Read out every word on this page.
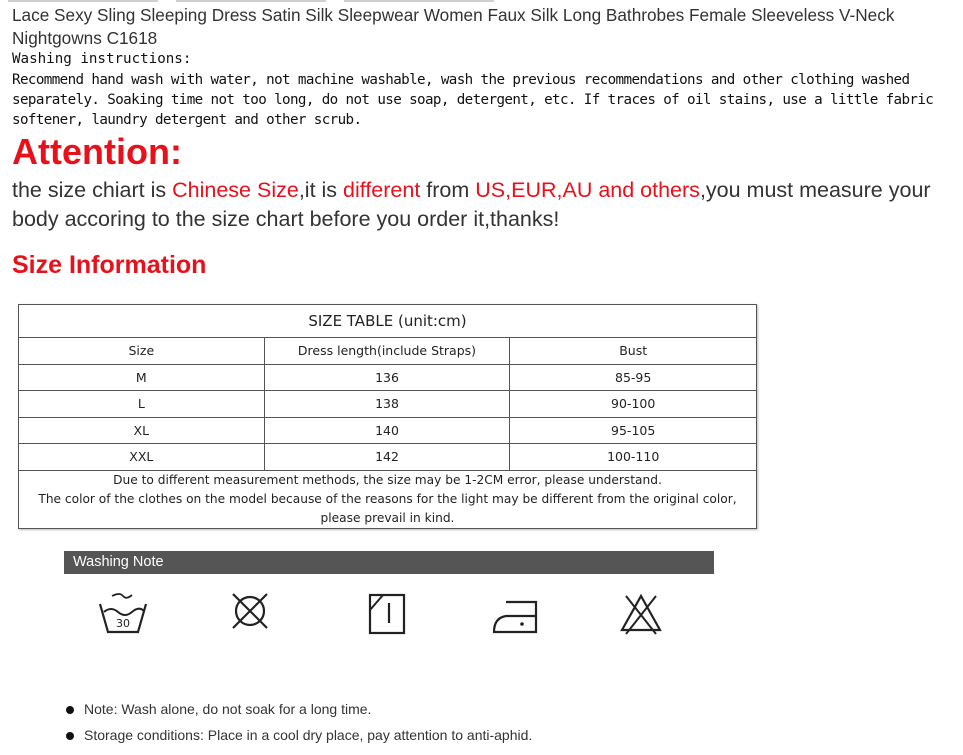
Lace Sexy Sling Sleeping Dress Satin Silk Sleepwear Women Faux Silk Long Bathrobes Female Sleeveless V-Neck Nightgowns C1618
Washing instructions:
Recommend hand wash with water, not machine washable, wash the previous recommendations and other clothing washed separately. Soaking time not too long, do not use soap, detergent, etc. If traces of oil stains, use a little fabric softener, laundry detergent and other scrub.
Attention:
the size chiart is Chinese Size,it is different from US,EUR,AU and others,you must measure your body accoring to the size chart before you order it,thanks!
Size Information
SIZE TABLE (unit:cm)		
Size	Dress length(include Straps)	Bust
M	136	85-95
L	138	90-100
XL	140	95-105
XXL	142	100-110

Due to different measurement methods, the size may be 1-2CM error, please understand.
The color of the clothes on the model because of the reasons for the light may be different from the original color, please prevail in kind.		
Washing Note
30
Note: Wash alone, do not soak for a long time.
Storage conditions: Place in a cool dry place, pay attention to anti-aphid.
